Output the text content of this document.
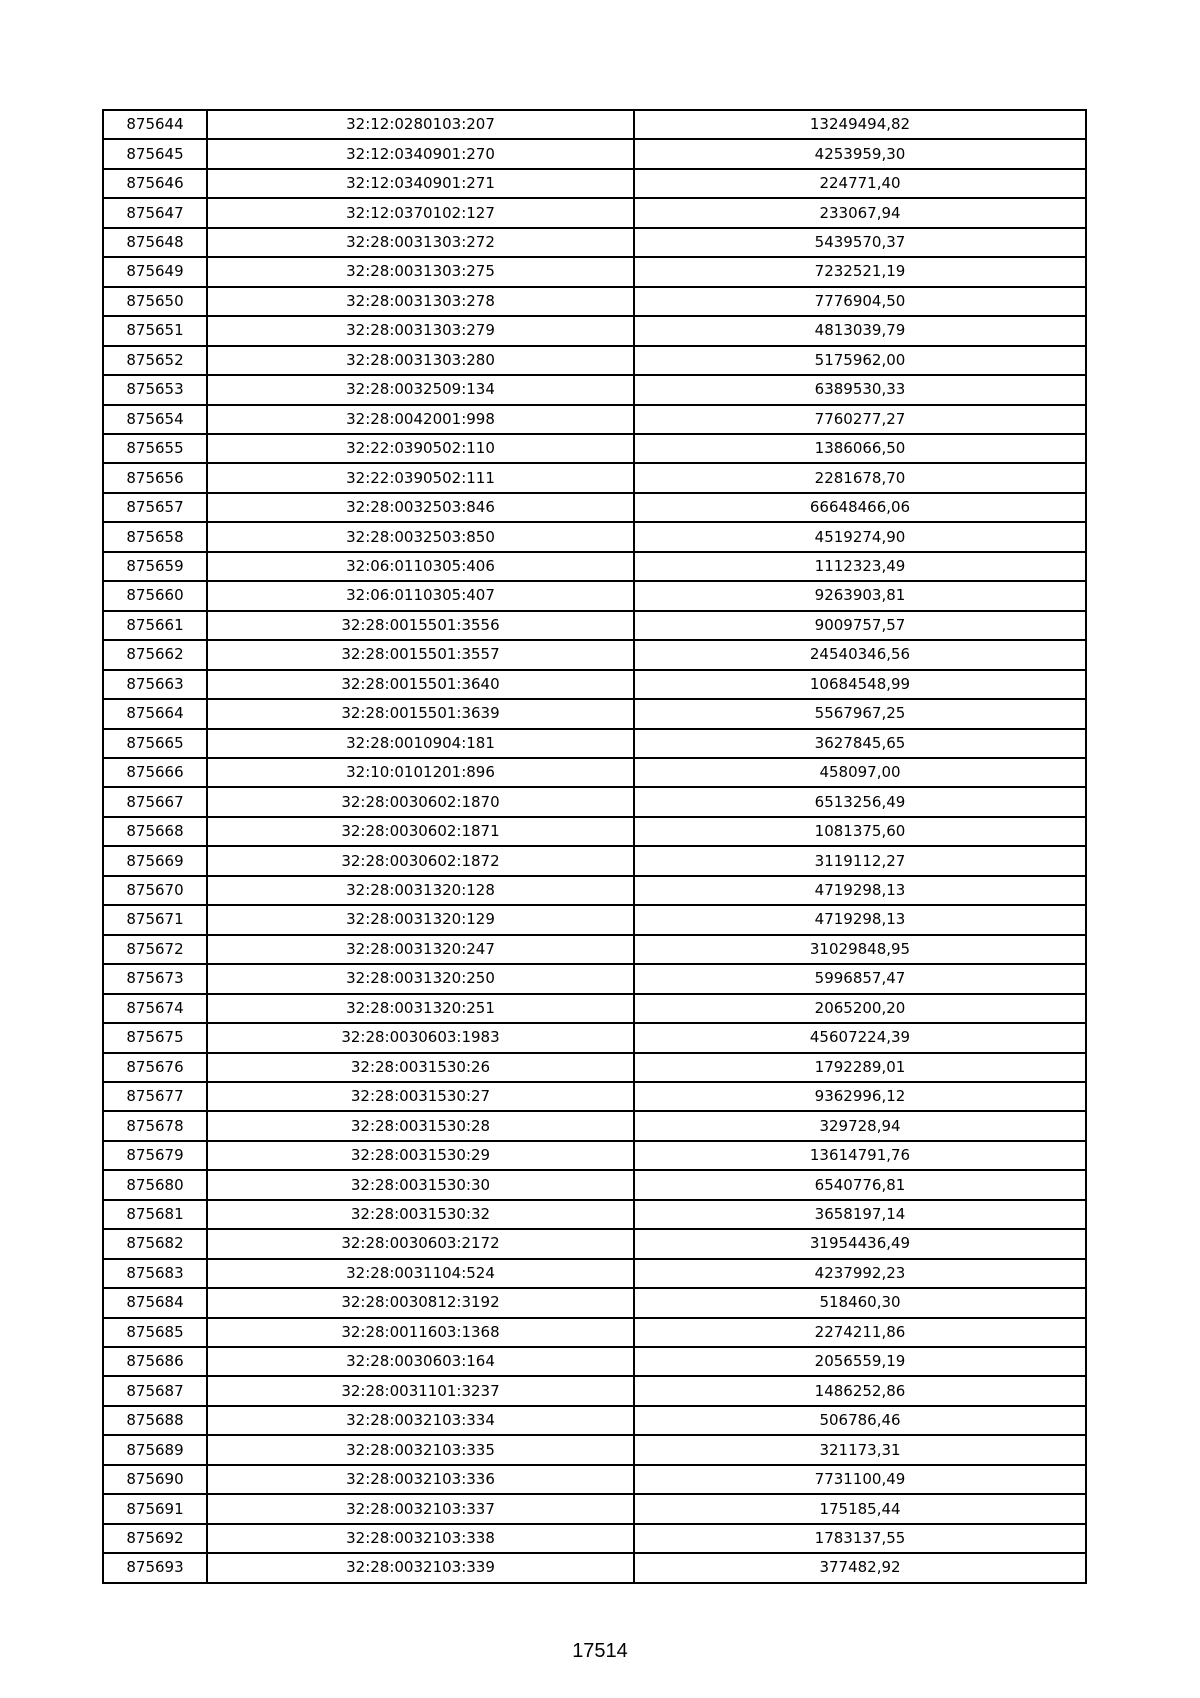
875644	32:12:0280103:207	13249494,82
875645	32:12:0340901:270	4253959,30
875646	32:12:0340901:271	224771,40
875647	32:12:0370102:127	233067,94
875648	32:28:0031303:272	5439570,37
875649	32:28:0031303:275	7232521,19
875650	32:28:0031303:278	7776904,50
875651	32:28:0031303:279	4813039,79
875652	32:28:0031303:280	5175962,00
875653	32:28:0032509:134	6389530,33
875654	32:28:0042001:998	7760277,27
875655	32:22:0390502:110	1386066,50
875656	32:22:0390502:111	2281678,70
875657	32:28:0032503:846	66648466,06
875658	32:28:0032503:850	4519274,90
875659	32:06:0110305:406	1112323,49
875660	32:06:0110305:407	9263903,81
875661	32:28:0015501:3556	9009757,57
875662	32:28:0015501:3557	24540346,56
875663	32:28:0015501:3640	10684548,99
875664	32:28:0015501:3639	5567967,25
875665	32:28:0010904:181	3627845,65
875666	32:10:0101201:896	458097,00
875667	32:28:0030602:1870	6513256,49
875668	32:28:0030602:1871	1081375,60
875669	32:28:0030602:1872	3119112,27
875670	32:28:0031320:128	4719298,13
875671	32:28:0031320:129	4719298,13
875672	32:28:0031320:247	31029848,95
875673	32:28:0031320:250	5996857,47
875674	32:28:0031320:251	2065200,20
875675	32:28:0030603:1983	45607224,39
875676	32:28:0031530:26	1792289,01
875677	32:28:0031530:27	9362996,12
875678	32:28:0031530:28	329728,94
875679	32:28:0031530:29	13614791,76
875680	32:28:0031530:30	6540776,81
875681	32:28:0031530:32	3658197,14
875682	32:28:0030603:2172	31954436,49
875683	32:28:0031104:524	4237992,23
875684	32:28:0030812:3192	518460,30
875685	32:28:0011603:1368	2274211,86
875686	32:28:0030603:164	2056559,19
875687	32:28:0031101:3237	1486252,86
875688	32:28:0032103:334	506786,46
875689	32:28:0032103:335	321173,31
875690	32:28:0032103:336	7731100,49
875691	32:28:0032103:337	175185,44
875692	32:28:0032103:338	1783137,55
875693	32:28:0032103:339	377482,92
17514
